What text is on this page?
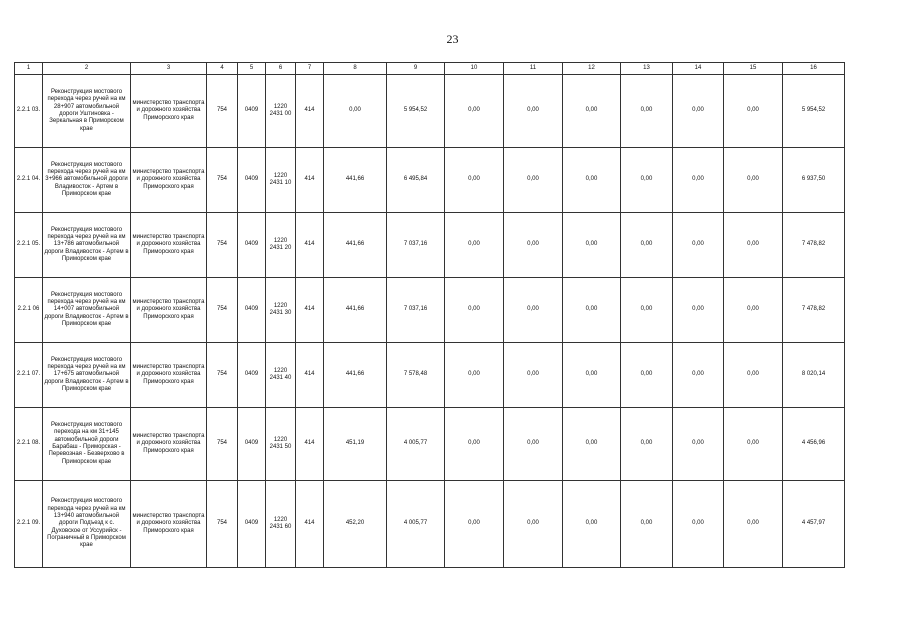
23
1	2	3	4	5	6	7	8	9	10	11	12	13	14	15	16
2.2.1 03.	Реконструкция мостового перехода через ручей на км 28+907 автомобильной дороги Уштиновка - Зеркальная в Приморском крае	министерство транспорта и дорожного хозяйства Приморского края	754	0409	1220 2431 00	414	0,00	5 954,52	0,00	0,00	0,00	0,00	0,00	0,00	5 954,52
2.2.1 04.	Реконструкция мостового перехода через ручей на км 3+966 автомобильной дороги Владивосток - Артем в Приморском крае	министерство транспорта и дорожного хозяйства Приморского края	754	0409	1220 2431 10	414	441,66	6 495,84	0,00	0,00	0,00	0,00	0,00	0,00	6 937,50
2.2.1 05.	Реконструкция мостового перехода через ручей на км 13+786 автомобильной дороги Владивосток - Артем в Приморском крае	министерство транспорта и дорожного хозяйства Приморского края	754	0409	1220 2431 20	414	441,66	7 037,16	0,00	0,00	0,00	0,00	0,00	0,00	7 478,82
2.2.1 06	Реконструкция мостового перехода через ручей на км 14+007 автомобильной дороги Владивосток - Артем в Приморском крае	министерство транспорта и дорожного хозяйства Приморского края	754	0409	1220 2431 30	414	441,66	7 037,16	0,00	0,00	0,00	0,00	0,00	0,00	7 478,82
2.2.1 07.	Реконструкция мостового перехода через ручей на км 17+675 автомобильной дороги Владивосток - Артем в Приморском крае	министерство транспорта и дорожного хозяйства Приморского края	754	0409	1220 2431 40	414	441,66	7 578,48	0,00	0,00	0,00	0,00	0,00	0,00	8 020,14
2.2.1 08.	Реконструкция мостового перехода на км 31+145 автомобильной дороги Барабаш - Приморская - Перевозная - Безверхово в Приморском крае	министерство транспорта и дорожного хозяйства Приморского края	754	0409	1220 2431 50	414	451,19	4 005,77	0,00	0,00	0,00	0,00	0,00	0,00	4 456,96
2.2.1 09.	Реконструкция мостового перехода через ручей на км 13+940 автомобильной дороги Подъезд к с. Духовское от Уссурийск - Пограничный в Приморском крае	министерство транспорта и дорожного хозяйства Приморского края	754	0409	1220 2431 60	414	452,20	4 005,77	0,00	0,00	0,00	0,00	0,00	0,00	4 457,97
